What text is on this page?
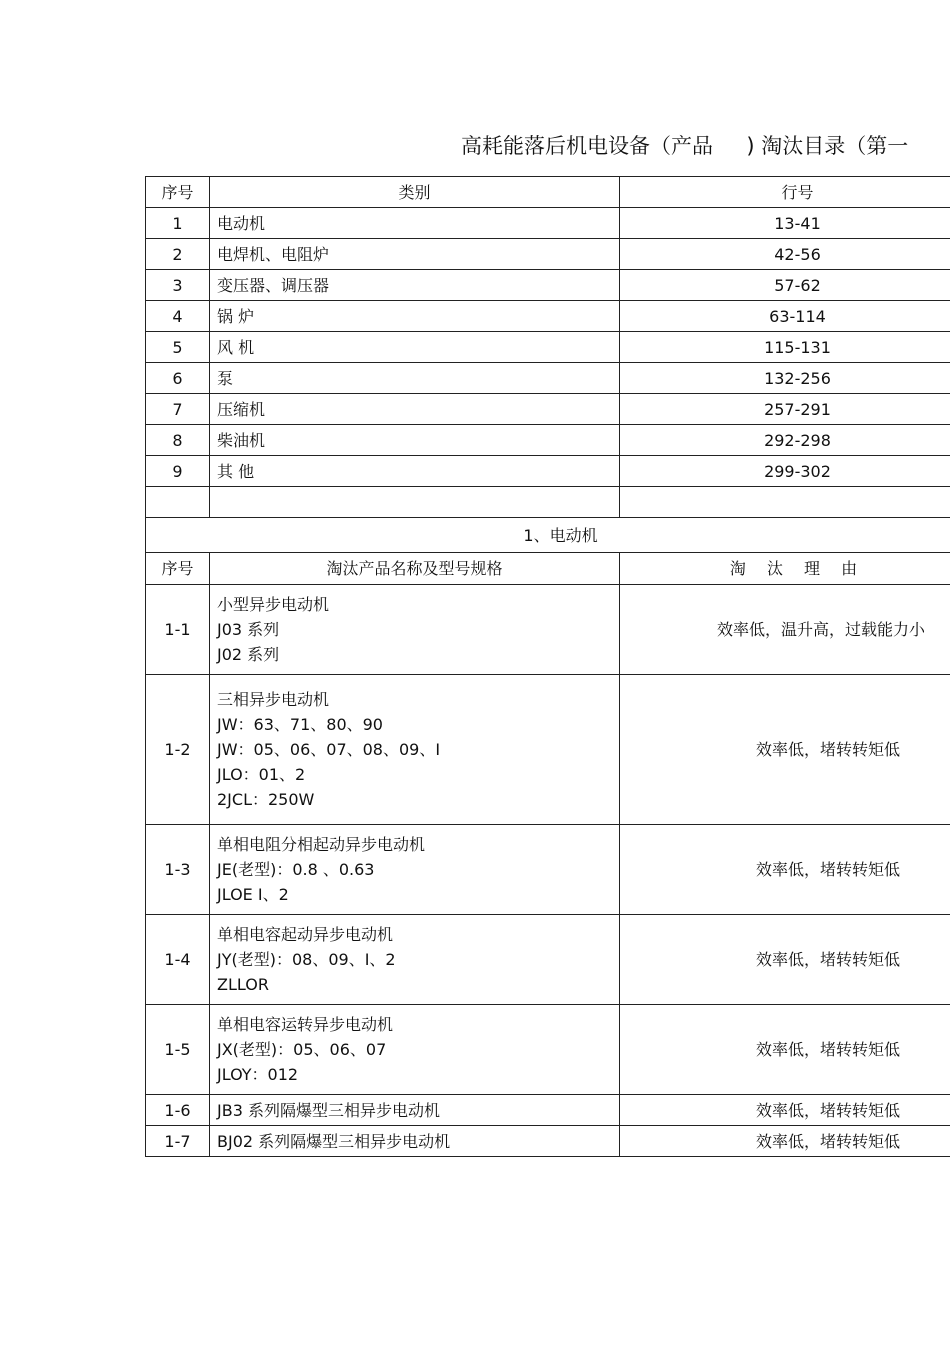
高耗能落后机电设备（产品     ) 淘汰目录（第一
序号	类别	行号
1	电动机	13-41
2	电焊机、电阻炉	42-56
3	变压器、调压器	57-62
4	锅 炉	63-114
5	风 机	115-131
6	泵	132-256
7	压缩机	257-291
8	柴油机	292-298
9	其 他	299-302

1、电动机		
序号	淘汰产品名称及型号规格	淘 汰 理 由
1-1	小型异步电动机
J03 系列
J02 系列	效率低，温升高，过载能力小
1-2	三相异步电动机
JW：63、71、80、90
JW：05、06、07、08、09、Ⅰ
JLO：01、2
2JCL：250W	效率低，堵转转矩低
1-3	单相电阻分相起动异步电动机
JE(老型)：0.8 、0.63
JLOE Ⅰ、2	效率低，堵转转矩低
1-4	单相电容起动异步电动机
JY(老型)：08、09、Ⅰ、2
ZLLOR	效率低，堵转转矩低
1-5	单相电容运转异步电动机
JX(老型)：05、06、07
JLOY：012	效率低，堵转转矩低
1-6	JB3 系列隔爆型三相异步电动机	效率低，堵转转矩低
1-7	BJ02 系列隔爆型三相异步电动机	效率低，堵转转矩低
